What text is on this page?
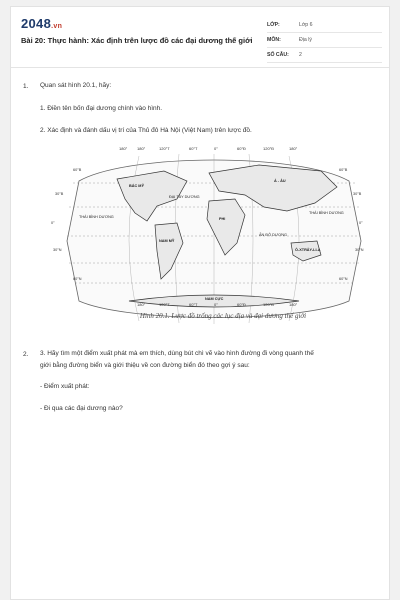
2048.vn
Bài 20: Thực hành: Xác định trên lược đồ các đại dương thế giới
LỚP:	Lớp 6
MÔN:	Địa lý
SỐ CÂU: 2
1. Quan sát hình 20.1, hãy:
1. Điền tên bốn đại dương chính vào hình.
2. Xác định và đánh dấu vị trí của Thủ đô Hà Nội (Việt Nam) trên lược đồ.
180° 180°	120°T	60°T	0°	60°Đ	120°Đ	180°
180°	120°T	60°T	0°	60°Đ	120°Đ	180°
60°B
30°B
0°
30°N
60°N
60°B
30°B
0°
30°N
60°N
BẮC MỸ
ĐẠI TÂY DƯƠNG
THÁI BÌNH DƯƠNG
THÁI BÌNH DƯƠNG
PHI
ẤN ĐỘ DƯƠNG
NAM MỸ
Ô-XTRÂY-LI-A
NAM CỰC
Á - ÂU
Hình 20.1. Lược đồ trống các lục địa và đại dương thế giới
2. 3. Hãy tìm một điểm xuất phát mà em thích, dùng bút chì vẽ vào hình đường đi vòng quanh thế
giới bằng đường biển và giới thiệu về con đường biển đó theo gợi ý sau:
- Điểm xuất phát:
- Đi qua các đại dương nào?
